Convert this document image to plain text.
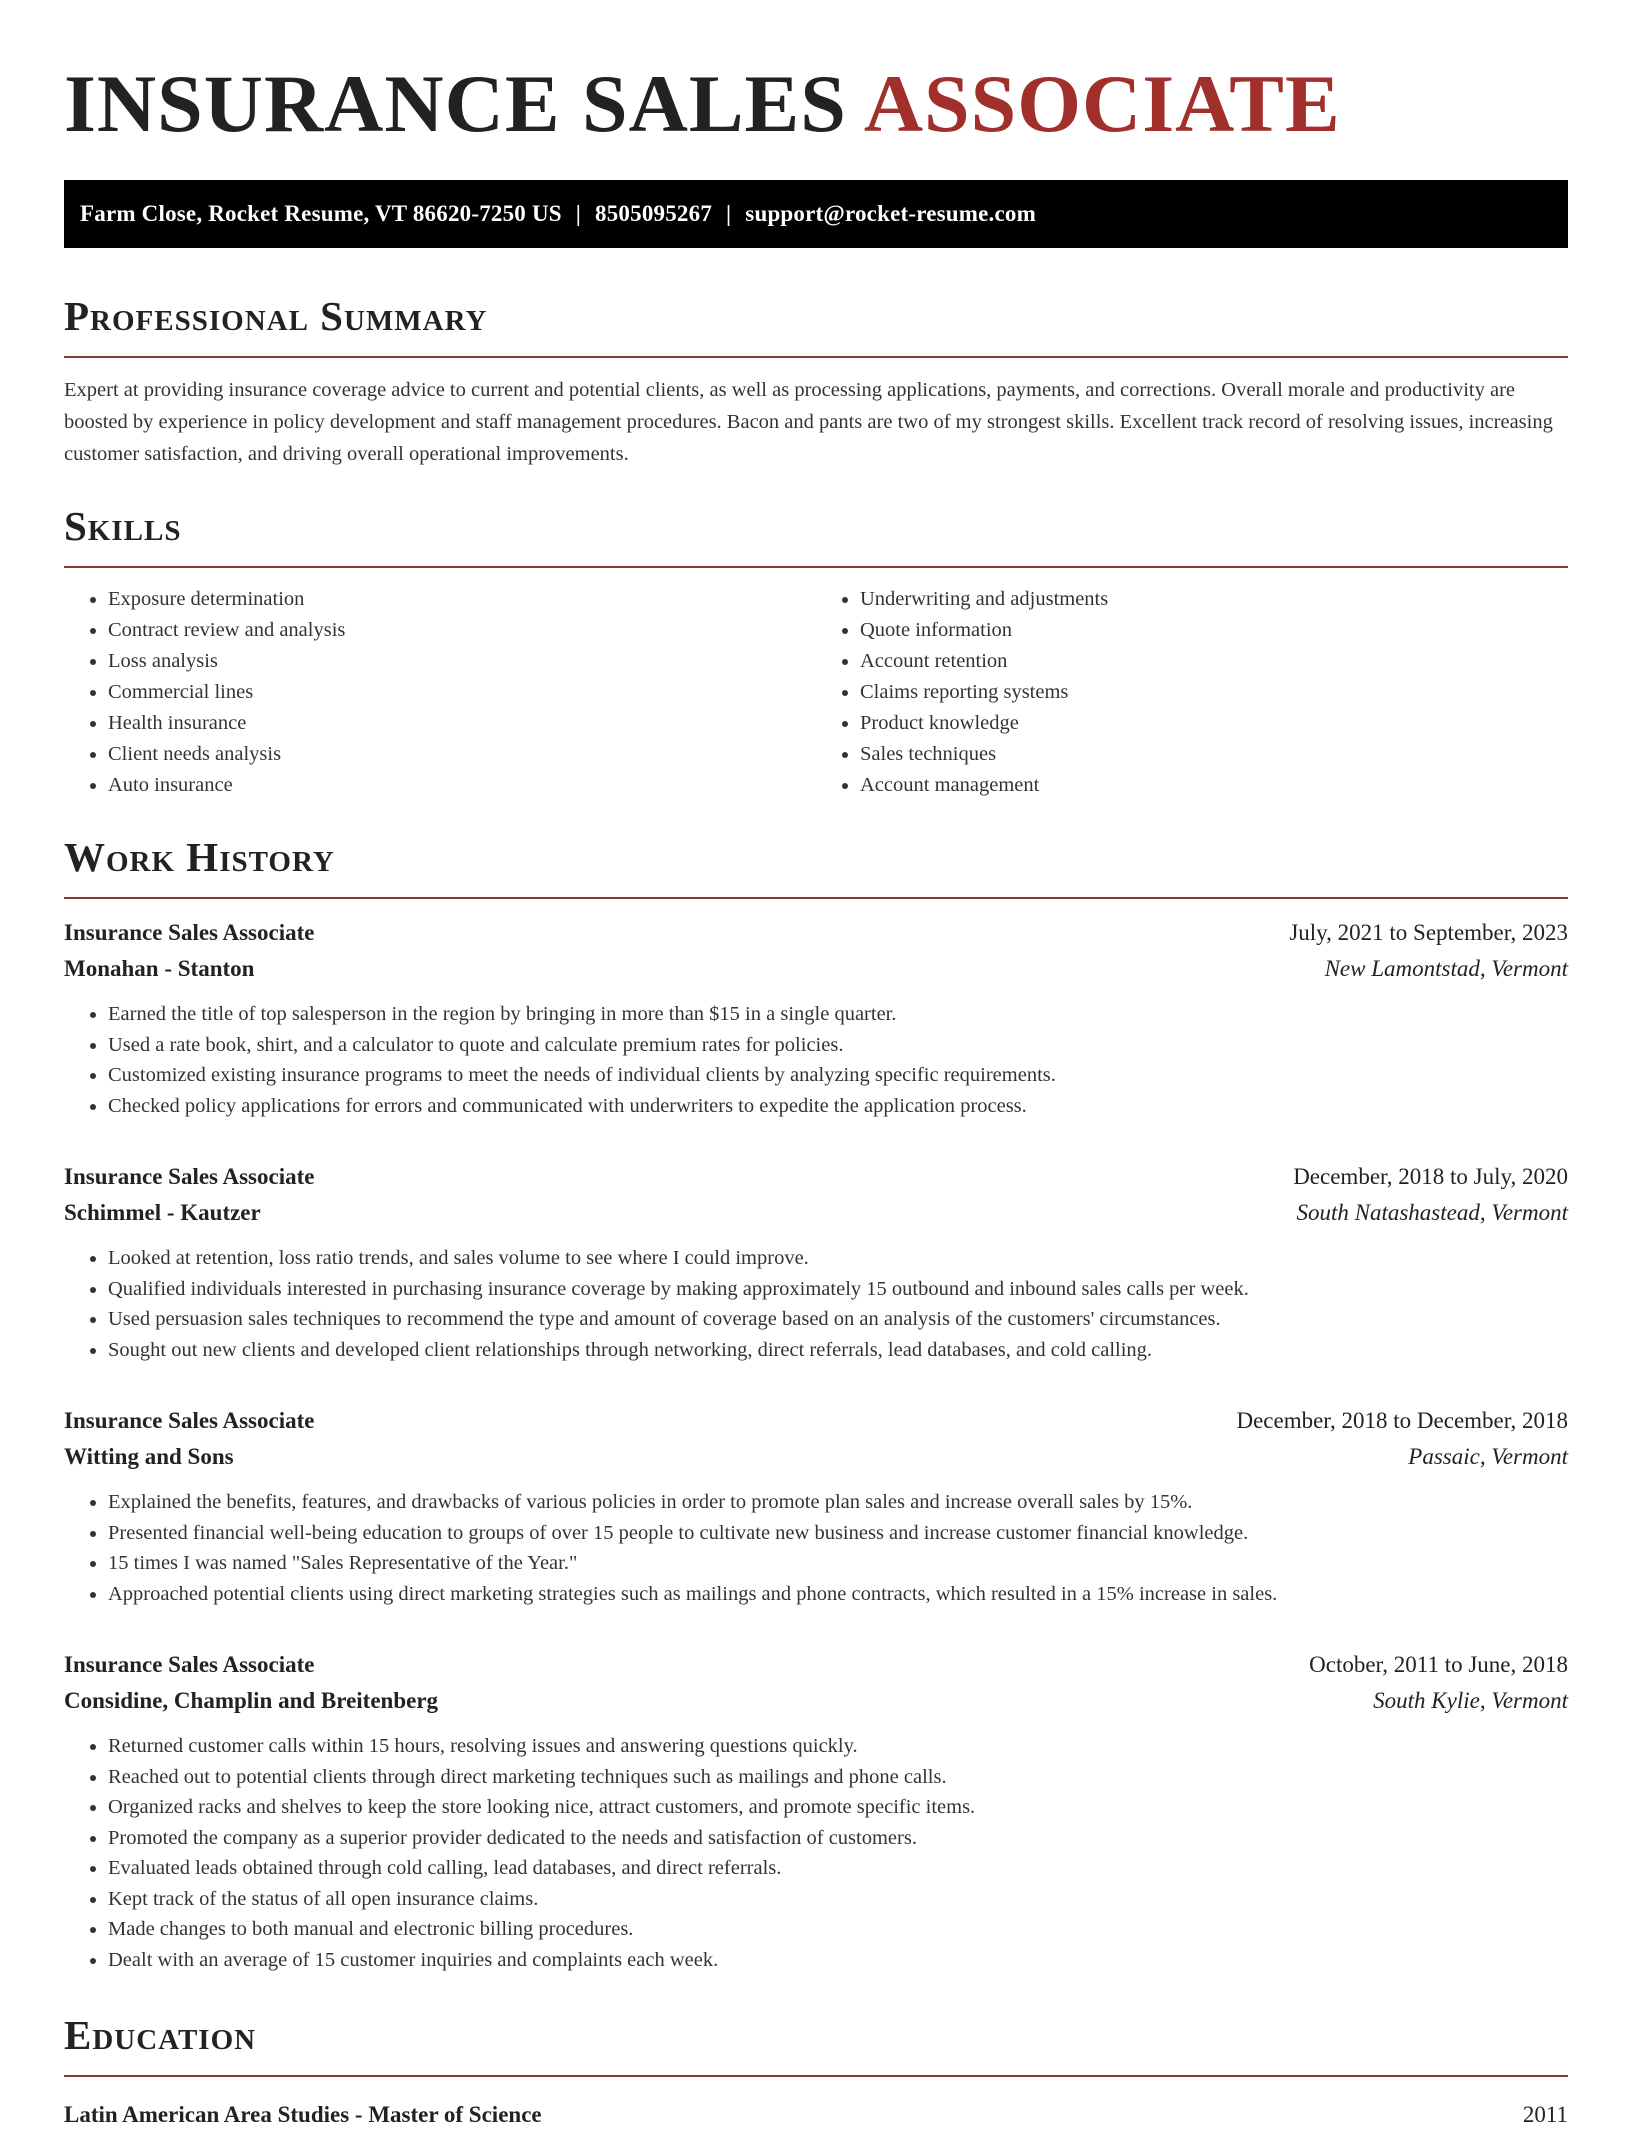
INSURANCE SALES ASSOCIATE
Farm Close, Rocket Resume, VT 86620-7250 US | 8505095267 | support@rocket-resume.com
Professional Summary

Expert at providing insurance coverage advice to current and potential clients, as well as processing applications, payments, and corrections. Overall morale and productivity are boosted by experience in policy development and staff management procedures. Bacon and pants are two of my strongest skills. Excellent track record of resolving issues, increasing customer satisfaction, and driving overall operational improvements.

Skills
• Exposure determination
• Contract review and analysis
• Loss analysis
• Commercial lines
• Health insurance
• Client needs analysis
• Auto insurance
• Underwriting and adjustments
• Quote information
• Account retention
• Claims reporting systems
• Product knowledge
• Sales techniques
• Account management
Work History
Insurance Sales Associate	July, 2021 to September, 2023
Monahan - Stanton	New Lamontstad, Vermont
• Earned the title of top salesperson in the region by bringing in more than $15 in a single quarter.
• Used a rate book, shirt, and a calculator to quote and calculate premium rates for policies.
• Customized existing insurance programs to meet the needs of individual clients by analyzing specific requirements.
• Checked policy applications for errors and communicated with underwriters to expedite the application process.
Insurance Sales Associate	December, 2018 to July, 2020
Schimmel - Kautzer	South Natashastead, Vermont
• Looked at retention, loss ratio trends, and sales volume to see where I could improve.
• Qualified individuals interested in purchasing insurance coverage by making approximately 15 outbound and inbound sales calls per week.
• Used persuasion sales techniques to recommend the type and amount of coverage based on an analysis of the customers' circumstances.
• Sought out new clients and developed client relationships through networking, direct referrals, lead databases, and cold calling.
Insurance Sales Associate	December, 2018 to December, 2018
Witting and Sons	Passaic, Vermont
• Explained the benefits, features, and drawbacks of various policies in order to promote plan sales and increase overall sales by 15%.
• Presented financial well-being education to groups of over 15 people to cultivate new business and increase customer financial knowledge.
• 15 times I was named "Sales Representative of the Year."
• Approached potential clients using direct marketing strategies such as mailings and phone contracts, which resulted in a 15% increase in sales.
Insurance Sales Associate	October, 2011 to June, 2018
Considine, Champlin and Breitenberg	South Kylie, Vermont
• Returned customer calls within 15 hours, resolving issues and answering questions quickly.
• Reached out to potential clients through direct marketing techniques such as mailings and phone calls.
• Organized racks and shelves to keep the store looking nice, attract customers, and promote specific items.
• Promoted the company as a superior provider dedicated to the needs and satisfaction of customers.
• Evaluated leads obtained through cold calling, lead databases, and direct referrals.
• Kept track of the status of all open insurance claims.
• Made changes to both manual and electronic billing procedures.
• Dealt with an average of 15 customer inquiries and complaints each week.
Education
Latin American Area Studies - Master of Science	2011
